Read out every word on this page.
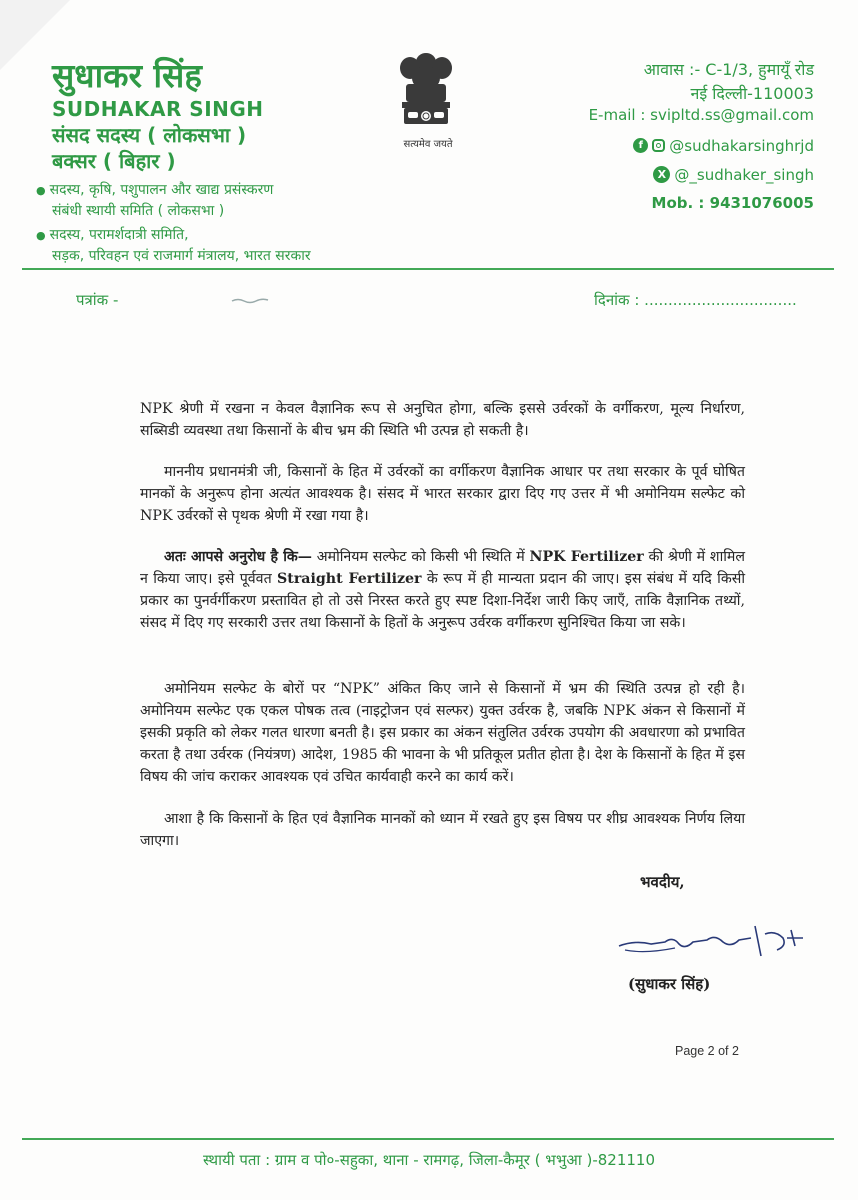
सुधाकर सिंह
SUDHAKAR SINGH
संसद सदस्य ( लोकसभा )
बक्सर ( बिहार )
● सदस्य, कृषि, पशुपालन और खाद्य प्रसंस्करण
संबंधी स्थायी समिति ( लोकसभा )
● सदस्य, परामर्शदात्री समिति,
सड़क, परिवहन एवं राजमार्ग मंत्रालय, भारत सरकार
सत्यमेव जयते
आवास :- C-1/3, हुमायूँ रोड
नई दिल्ली-110003
E-mail : svipltd.ss@gmail.com
f	@sudhakarsinghrjd
X @_sudhaker_singh
Mob. : 9431076005
पत्रांक -	दिनांक : ................................

NPK श्रेणी में रखना न केवल वैज्ञानिक रूप से अनुचित होगा, बल्कि इससे उर्वरकों के वर्गीकरण, मूल्य निर्धारण, सब्सिडी व्यवस्था तथा किसानों के बीच भ्रम की स्थिति भी उत्पन्न हो सकती है।

माननीय प्रधानमंत्री जी, किसानों के हित में उर्वरकों का वर्गीकरण वैज्ञानिक आधार पर तथा सरकार के पूर्व घोषित मानकों के अनुरूप होना अत्यंत आवश्यक है। संसद में भारत सरकार द्वारा दिए गए उत्तर में भी अमोनियम सल्फेट को NPK उर्वरकों से पृथक श्रेणी में रखा गया है।

अतः आपसे अनुरोध है कि— अमोनियम सल्फेट को किसी भी स्थिति में NPK Fertilizer की श्रेणी में शामिल न किया जाए। इसे पूर्ववत Straight Fertilizer के रूप में ही मान्यता प्रदान की जाए। इस संबंध में यदि किसी प्रकार का पुनर्वर्गीकरण प्रस्तावित हो तो उसे निरस्त करते हुए स्पष्ट दिशा-निर्देश जारी किए जाएँ, ताकि वैज्ञानिक तथ्यों, संसद में दिए गए सरकारी उत्तर तथा किसानों के हितों के अनुरूप उर्वरक वर्गीकरण सुनिश्चित किया जा सके।

अमोनियम सल्फेट के बोरों पर “NPK” अंकित किए जाने से किसानों में भ्रम की स्थिति उत्पन्न हो रही है। अमोनियम सल्फेट एक एकल पोषक तत्व (नाइट्रोजन एवं सल्फर) युक्त उर्वरक है, जबकि NPK अंकन से किसानों में इसकी प्रकृति को लेकर गलत धारणा बनती है। इस प्रकार का अंकन संतुलित उर्वरक उपयोग की अवधारणा को प्रभावित करता है तथा उर्वरक (नियंत्रण) आदेश, 1985 की भावना के भी प्रतिकूल प्रतीत होता है। देश के किसानों के हित में इस विषय की जांच कराकर आवश्यक एवं उचित कार्यवाही करने का कार्य करें।

आशा है कि किसानों के हित एवं वैज्ञानिक मानकों को ध्यान में रखते हुए इस विषय पर शीघ्र आवश्यक निर्णय लिया जाएगा।

भवदीय,
(सुधाकर सिंह)
Page 2 of 2
स्थायी पता : ग्राम व पो०-सहुका, थाना - रामगढ़, जिला-कैमूर ( भभुआ )-821110
